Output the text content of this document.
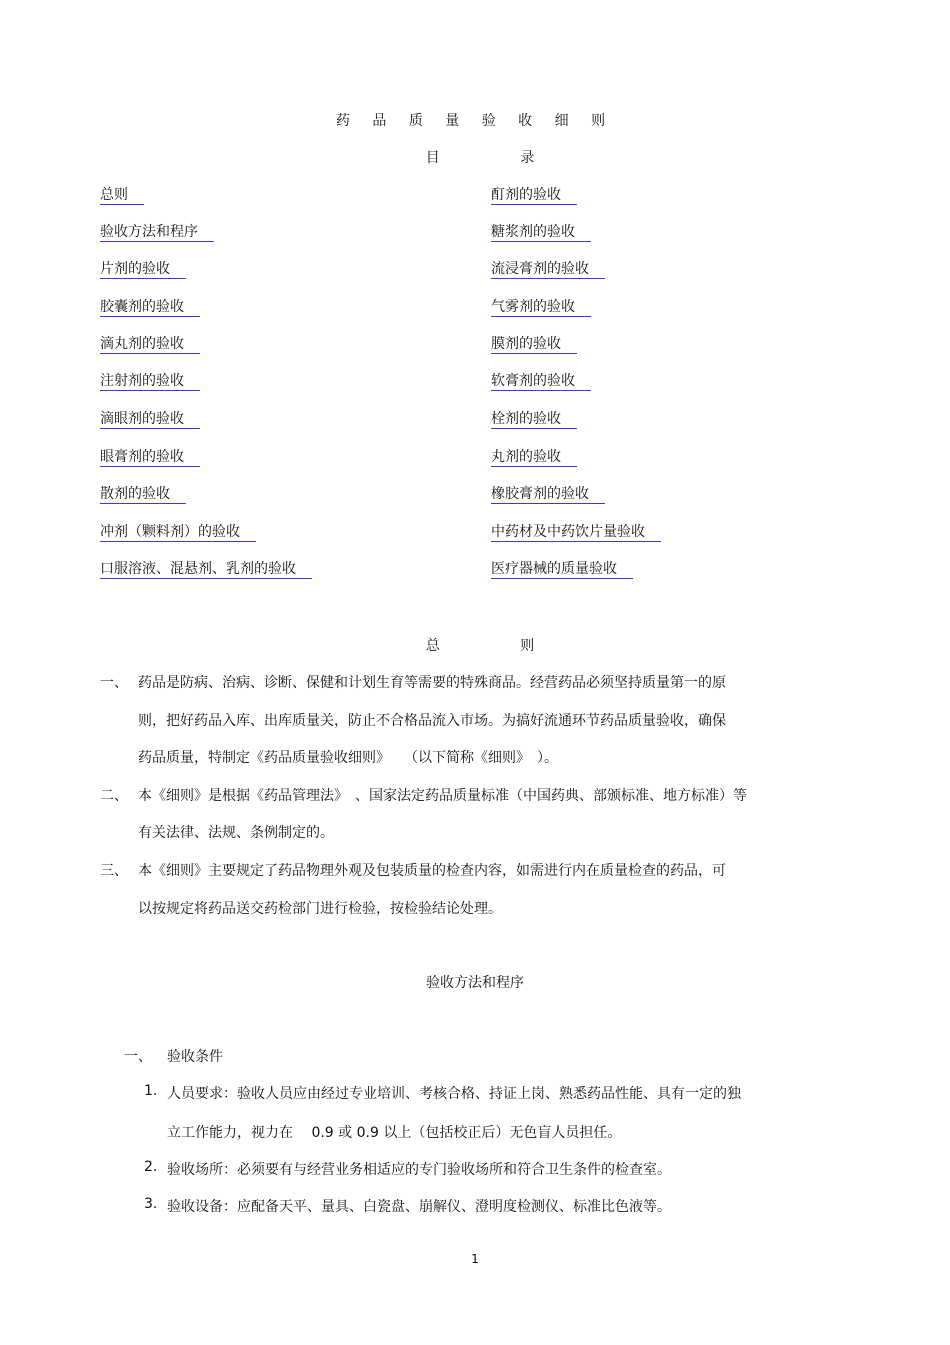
药 品 质 量 验 收 细 则
目 录
总则
验收方法和程序
片剂的验收
胶囊剂的验收
滴丸剂的验收
注射剂的验收
滴眼剂的验收
眼膏剂的验收
散剂的验收
冲剂（颗料剂）的验收
口服溶液、混悬剂、乳剂的验收
酊剂的验收
糖浆剂的验收
流浸膏剂的验收
气雾剂的验收
膜剂的验收
软膏剂的验收
栓剂的验收
丸剂的验收
橡胶膏剂的验收
中药材及中药饮片量验收
医疗器械的质量验收
总 则
一、 药品是防病、治病、诊断、保健和计划生育等需要的特殊商品。经营药品必须坚持质量第一的原
则，把好药品入库、出库质量关，防止不合格品流入市场。为搞好流通环节药品质量验收，确保
药品质量，特制定《药品质量验收细则》　　（以下简称《细则》　）。
二、 本《细则》是根据《药品管理法》　、国家法定药品质量标准（中国药典、部颁标准、地方标准）等
有关法律、法规、条例制定的。
三、 本《细则》主要规定了药品物理外观及包装质量的检查内容，如需进行内在质量检查的药品，可
以按规定将药品送交药检部门进行检验，按检验结论处理。
验收方法和程序
一、 验收条件
1. 人员要求：验收人员应由经过专业培训、考核合格、持证上岗、熟悉药品性能、具有一定的独
立工作能力，视力在　 0.9 或 0.9 以上（包括校正后）无色盲人员担任。
2. 验收场所：必须要有与经营业务相适应的专门验收场所和符合卫生条件的检查室。
3. 验收设备：应配备天平、量具、白瓷盘、崩解仪、澄明度检测仪、标准比色液等。
1
